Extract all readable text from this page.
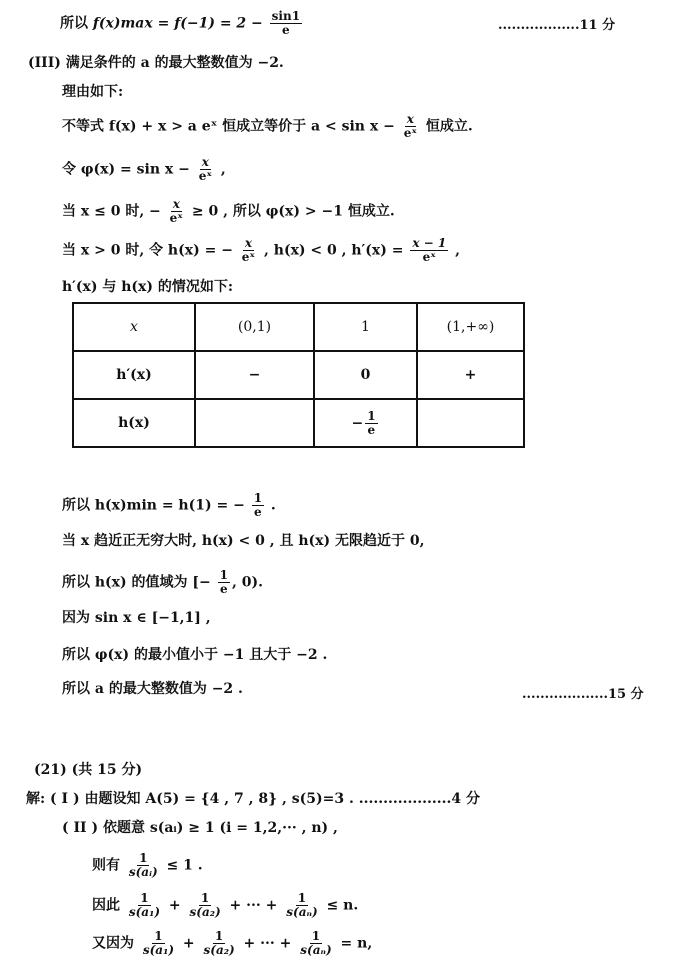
所以 $f(x)\max = f(-1) = 2 - \frac{\sin 1}{e}$	..................11 分
(III) 满足条件的 a 的最大整数值为 −2.
理由如下:
不等式 f(x) + x > a eˣ 恒成立等价于 $a < \sin x - \frac{x}{\text{eˣ}}$ 恒成立.
令 $\varphi(x) = \sin x - \frac{x}{\text{eˣ}}$ ,
当 x ≤ 0 时, − $\frac{x}{\text{eˣ}} \ge 0$ , 所以 φ(x) > −1 恒成立.
当 x > 0 时, 令 h(x) = − $\frac{x}{\text{eˣ}}$ , h(x) < 0 , $h'(x) = \frac{x - 1}{\text{eˣ}}$ ,
h′(x) 与 h(x) 的情况如下:
x	(0,1)	1	(1,+∞)
h′(x)	−	0	+
h(x)		− $\frac{1}{e}$

所以 h(x)min = h(1) = − $\frac{1}{e}$ .
当 x 趋近正无穷大时, h(x) < 0 , 且 h(x) 无限趋近于 0,
所以 h(x) 的值域为 [− $\frac{1}{e}$ , 0).
因为 sin x ∈ [−1,1] ,
所以 φ(x) 的最小值小于 −1 且大于 −2 .
所以 a 的最大整数值为 −2 .	...................15 分
(21) (共 15 分)
解: ( I ) 由题设知 A(5) = {4 , 7 , 8} , s(5)=3 . ...................4 分
( II ) 依题意 s(aᵢ) ≥ 1 (i = 1,2,··· , n) ,
则有 $\frac{1}{\text{s(aᵢ)}} \le 1$ .
因此 $\frac{1}{\text{s(a₁)}} + \frac{1}{\text{s(a₂)}}$ + ··· + $\frac{1}{\text{s(aₙ)}} \le n$.
又因为 $\frac{1}{\text{s(a₁)}} + \frac{1}{\text{s(a₂)}}$ + ··· + $\frac{1}{\text{s(aₙ)}} = n$,
